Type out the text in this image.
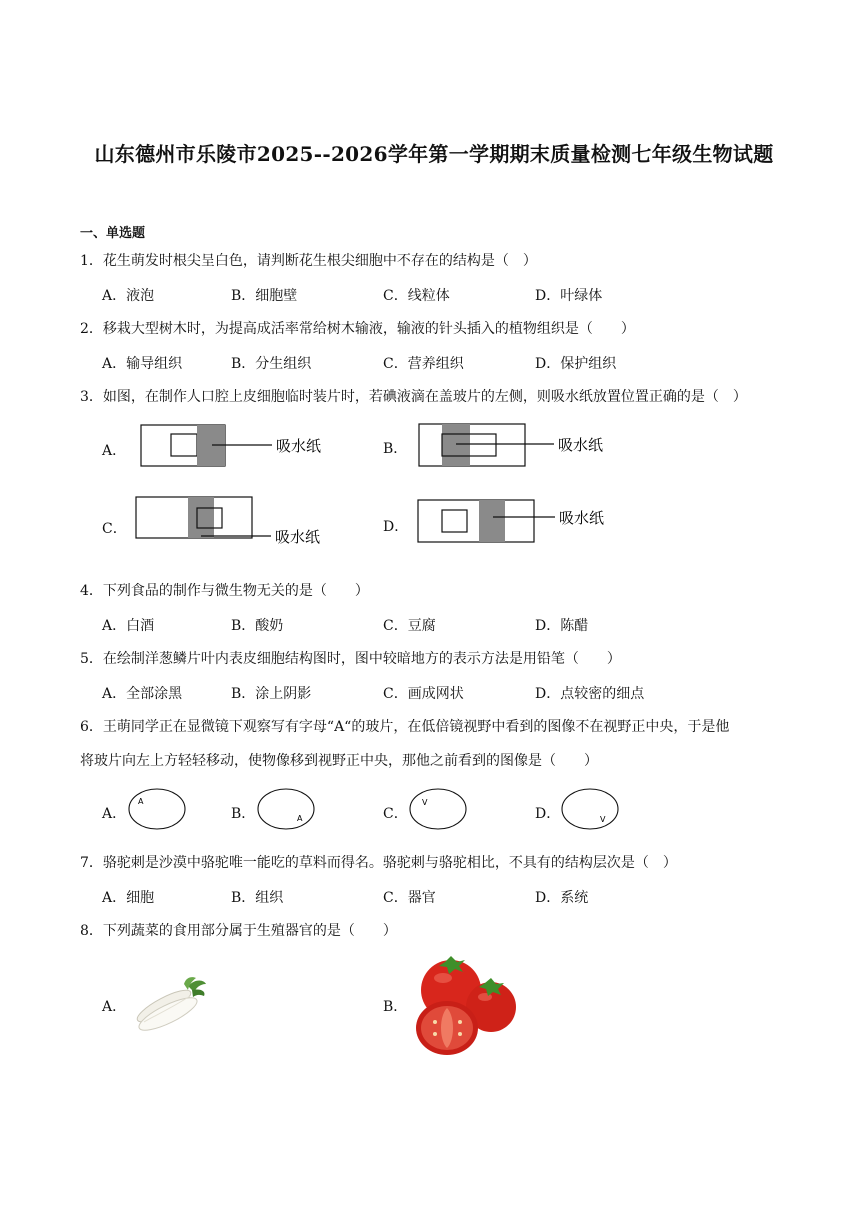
山东德州市乐陵市2025--2026学年第一学期期末质量检测七年级生物试题
一、单选题
1．花生萌发时根尖呈白色，请判断花生根尖细胞中不存在的结构是（　）
A．液泡	B．细胞壁	C．线粒体	D．叶绿体
2．移栽大型树木时，为提高成活率常给树木输液，输液的针头插入的植物组织是（　　）
A．输导组织	B．分生组织	C．营养组织	D．保护组织
3．如图，在制作人口腔上皮细胞临时装片时，若碘液滴在盖玻片的左侧，则吸水纸放置位置正确的是（　）
A．	B．
C．	D．
吸水纸	吸水纸
吸水纸
吸水纸
4．下列食品的制作与微生物无关的是（　　）
A．白酒	B．酸奶	C．豆腐	D．陈醋
5．在绘制洋葱鳞片叶内表皮细胞结构图时，图中较暗地方的表示方法是用铅笔（　　）
A．全部涂黑	B．涂上阴影	C．画成网状	D．点较密的细点
6．王萌同学正在显微镜下观察写有字母“A“的玻片，在低倍镜视野中看到的图像不在视野正中央，于是他
将玻片向左上方轻轻移动，使物像移到视野正中央，那他之前看到的图像是（　　）
A．	B．	C．	D．
A
A
V
V
7．骆驼刺是沙漠中骆驼唯一能吃的草料而得名。骆驼刺与骆驼相比，不具有的结构层次是（　）
A．细胞	B．组织	C．器官	D．系统
8．下列蔬菜的食用部分属于生殖器官的是（　　）
A．	B．
